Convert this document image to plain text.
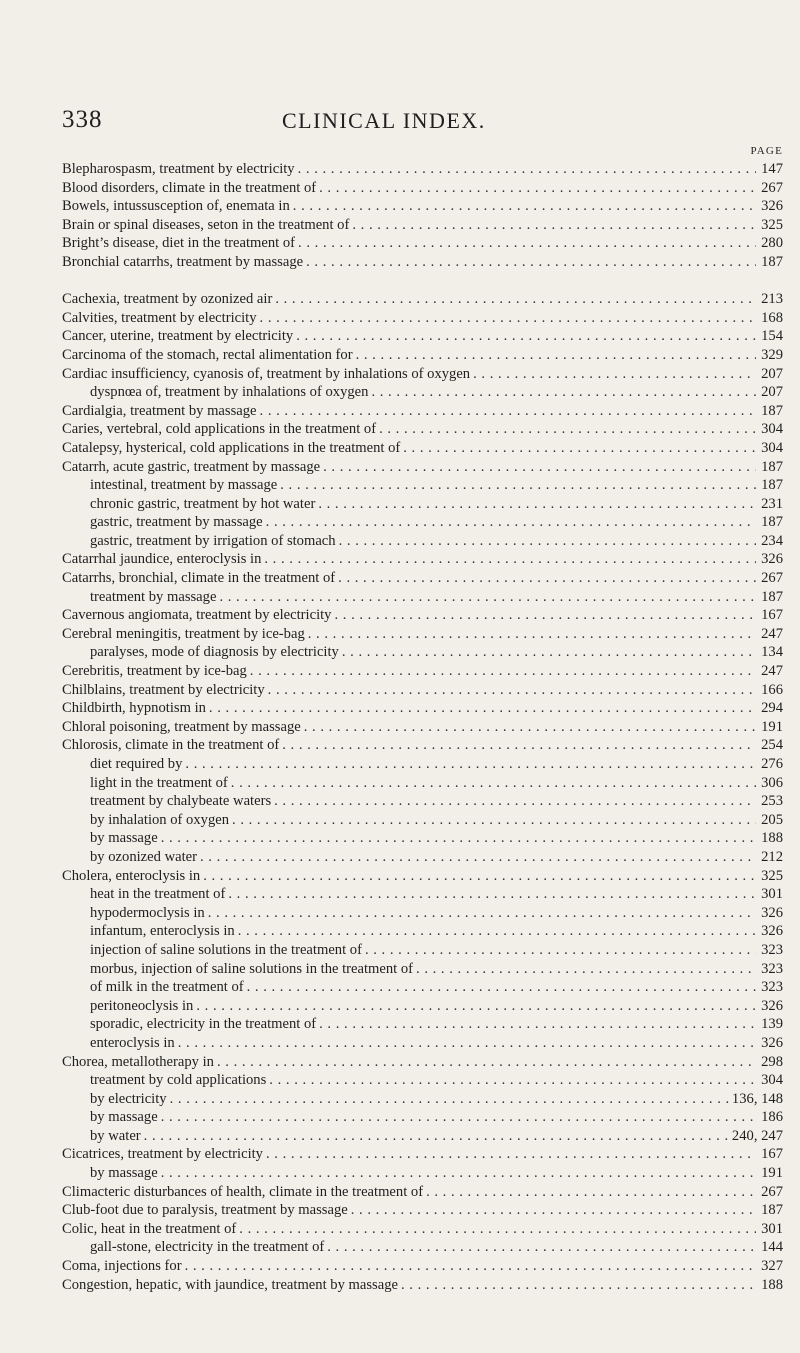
338	CLINICAL INDEX.
PAGE
Blepharospasm, treatment by electricity . . .	147
Blood disorders, climate in the treatment of . . .	267
Bowels, intussusception of, enemata in . . .	326
Brain or spinal diseases, seton in the treatment of . . .	325
Bright’s disease, diet in the treatment of . . .	280
Bronchial catarrhs, treatment by massage . . .	187
Cachexia, treatment by ozonized air . . .	213
Calvities, treatment by electricity . . .	168
Cancer, uterine, treatment by electricity . . .	154
Carcinoma of the stomach, rectal alimentation for . . .	329
Cardiac insufficiency, cyanosis of, treatment by inhalations of oxygen . . .	207
dyspnœa of, treatment by inhalations of oxygen . . .	207
Cardialgia, treatment by massage . . .	187
Caries, vertebral, cold applications in the treatment of . . .	304
Catalepsy, hysterical, cold applications in the treatment of . . .	304
Catarrh, acute gastric, treatment by massage . . .	187
intestinal, treatment by massage . . .	187
chronic gastric, treatment by hot water . . .	231
gastric, treatment by massage . . .	187
gastric, treatment by irrigation of stomach . . .	234
Catarrhal jaundice, enteroclysis in . . .	326
Catarrhs, bronchial, climate in the treatment of . . .	267
treatment by massage . . .	187
Cavernous angiomata, treatment by electricity . . .	167
Cerebral meningitis, treatment by ice-bag . . .	247
paralyses, mode of diagnosis by electricity . . .	134
Cerebritis, treatment by ice-bag . . .	247
Chilblains, treatment by electricity . . .	166
Childbirth, hypnotism in . . .	294
Chloral poisoning, treatment by massage . . .	191
Chlorosis, climate in the treatment of . . .	254
diet required by . . .	276
light in the treatment of . . .	306
treatment by chalybeate waters . . .	253
by inhalation of oxygen . . .	205
by massage . . .	188
by ozonized water . . .	212
Cholera, enteroclysis in . . .	325
heat in the treatment of . . .	301
hypodermoclysis in . . .	326
infantum, enteroclysis in . . .	326
injection of saline solutions in the treatment of . . .	323
morbus, injection of saline solutions in the treatment of . . .	323
of milk in the treatment of . . .	323
peritoneoclysis in . . .	326
sporadic, electricity in the treatment of . . .	139
enteroclysis in . . .	326
Chorea, metallotherapy in . . .	298
treatment by cold applications . . .	304
by electricity . . .	136, 148
by massage . . .	186
by water . . .	240, 247
Cicatrices, treatment by electricity . . .	167
by massage . . .	191
Climacteric disturbances of health, climate in the treatment of . . .	267
Club-foot due to paralysis, treatment by massage . . .	187
Colic, heat in the treatment of . . .	301
gall-stone, electricity in the treatment of . . .	144
Coma, injections for . . .	327
Congestion, hepatic, with jaundice, treatment by massage . . .	188
